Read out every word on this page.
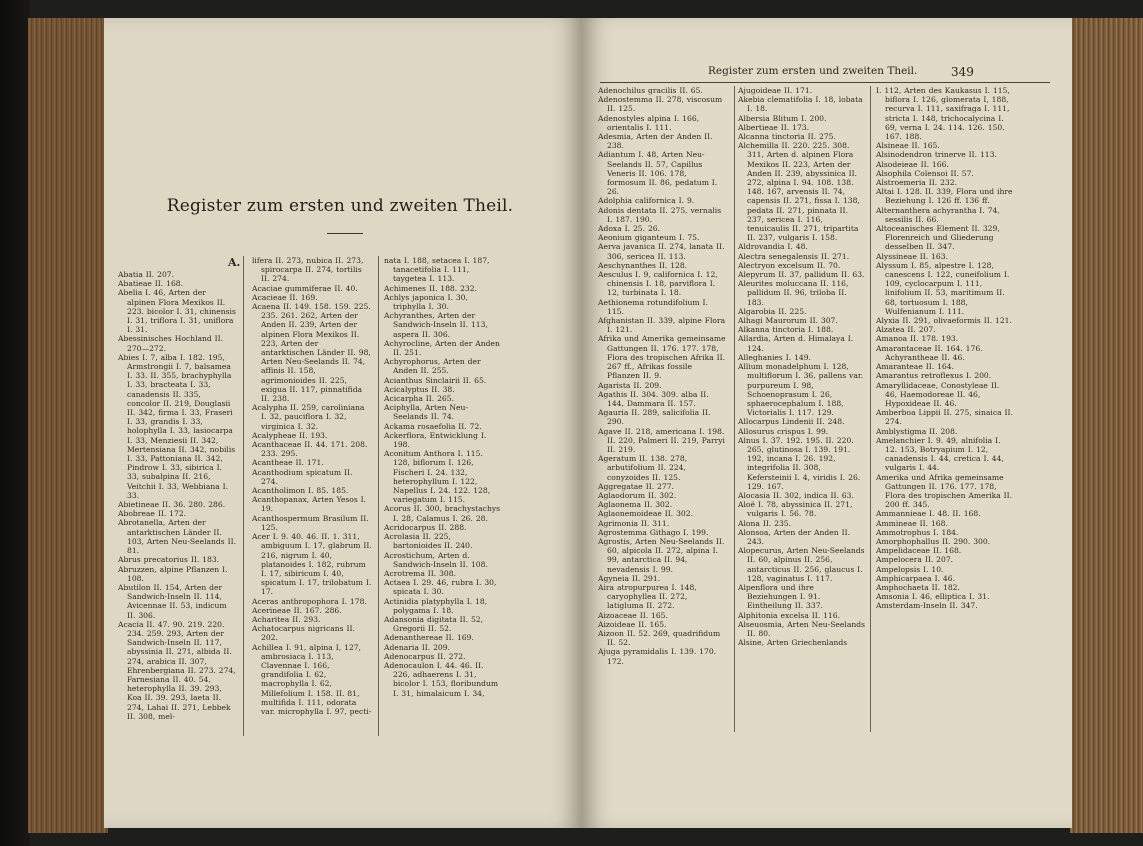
Register zum ersten und zweiten Theil.
A.
Register zum ersten und zweiten Theil.	349

Abatia II. 207.

Abatieae II. 168.

Abelia I. 46, Arten der alpinen Flora Mexikos II. 223. bicolor I. 31, chinensis I. 31, triflora I. 31, uniflora I. 31.

Abessinisches Hochland II. 270—272.

Abies I. 7, alba I. 182. 195, Armstrongii I. 7, balsamea I. 33. II. 355, brachyphylla I. 33, bracteata I. 33, canadensis II. 335, concolor II. 219, Douglasii II. 342, firma I. 33, Fraseri I. 33, grandis I. 33, holophylla I. 33, lasiocarpa I. 33, Menziesii II. 342, Mertensiana II. 342, nobilis I. 33, Pattoniana II. 342, Pindrow I. 33, sibirica I. 33, subalpina II. 216, Veitchii I. 33, Webbiana I. 33.

Abietineae II. 36. 280. 286.

Abobreae II. 172.

Abrotanella, Arten der antarktischen Länder II. 103, Arten Neu-Seelands II. 81.

Abrus precatorius II. 183.

Abruzzen, alpine Pflanzen I. 108.

Abutilon II. 154, Arten der Sandwich-Inseln II. 114, Avicennae II. 53, indicum II. 306.

Acacia II. 47. 90. 219. 220. 234. 259. 293, Arten der Sandwich-Inseln II. 117, abyssinia II. 271, albida II. 274, arabica II. 307, Ehrenbergiana II. 273. 274, Farnesiana II. 40. 54, heterophylla II. 39. 293, Koa II. 39. 293, laeta II. 274, Lahai II. 271, Lebbek II. 308, mel-

lifera II. 273, nubica II. 273, spirocarpa II. 274, tortilis II. 274.

Acaciae gummiferae II. 40.

Acacieae II. 169.

Acaena II. 149. 158. 159. 225. 235. 261. 262, Arten der Anden II. 239, Arten der alpinen Flora Mexikos II. 223, Arten der antarktischen Länder II. 98, Arten Neu-Seelands II. 74, affinis II. 158, agrimonioides II. 225, exigua II. 117, pinnatifida II. 238.

Acalypha II. 259, caroliniana I. 32, pauciflora I. 32, virginica I. 32.

Acalypheae II. 193.

Acanthaceae II. 44. 171. 208. 233. 295.

Acantheae II. 171.

Acanthodium spicatum II. 274.

Acantholimon I. 85. 185.

Acanthopanax, Arten Yesos I. 19.

Acanthospermum Brasilum II. 125.

Acer I. 9. 40. 46. II. 1. 311, ambiguum I. 17, glabrum II. 216, nigrum I. 40, platanoides I. 182, rubrum I. 17, sibiricum I. 40, spicatum I. 17, trilobatum I. 17.

Aceras anthropophora I. 178.

Acerineae II. 167. 286.

Acharitea II. 293.

Achatocarpus nigricans II. 202.

Achillea I. 91, alpina I, 127, ambrosiaca I. 113, Clavennae I. 166, grandifolia I. 62, macrophylla I. 62, Millefolium I. 158. II. 81, multifida I. 111, odorata var. microphylla I. 97, pecti-

nata I. 188, setacea I. 187, tanacetifolia I. 111, taygetea I. 113.

Achimenes II. 188. 232.

Achlys japonica I. 30, triphylla I. 30.

Achyranthes, Arten der Sandwich-Inseln II. 113, aspera II. 306.

Achyrocline, Arten der Anden II. 251.

Achyrophorus, Arten der Anden II. 255.

Acianthus Sinclairii II. 65.

Acicalyptus II. 38.

Acicarpha II. 265.

Aciphylla, Arten Neu-Seelands II. 74.

Ackama rosaefolia II. 72.

Ackerflora, Entwicklung I. 198.

Aconitum Anthora I. 115. 128, biflorum I. 126, Fischeri I. 24. 132, heterophyllum I. 122, Napellus I. 24. 122. 128, variegatum I. 115.

Acorus II. 300, brachystachys I. 28, Calamus I. 26. 28.

Acridocarpus II. 288.

Acrolasia II. 225, bartonioides II. 240.

Acrostichum, Arten d. Sandwich-Inseln II. 108.

Acrotrema II. 308.

Actaea I. 29. 46, rubra I. 30, spicata I. 30.

Actinidia platyphylla I. 18, polygama I. 18.

Adansonia digitata II. 52, Gregorii II. 52.

Adenanthereae II. 169.

Adenaria II. 209.

Adenocarpus II. 272.

Adenocaulon I. 44. 46. II. 226, adhaerens I. 31, bicolor I. 153, floribundum I. 31, himalaicum I. 34,

Adenochilus gracilis II. 65.

Adenostemma II. 278, viscosum II. 125.

Adenostyles alpina I. 166, orientalis I. 111.

Adesmia, Arten der Anden II. 238.

Adiantum I. 48, Arten Neu-Seelands II. 57, Capillus Veneris II. 106. 178, formosum II. 86, pedatum I. 26.

Adolphia californica I. 9.

Adonis dentata II. 275, vernalis I. 187. 190.

Adoxa I. 25. 26.

Aeonium giganteum I. 75.

Aerva javanica II. 274, lanata II. 306, sericea II. 113.

Aeschynanthes II. 128.

Aesculus I. 9, californica I. 12, chinensis I. 18, parviflora I. 12, turbinata I. 18.

Aethionema rotundifolium I. 115.

Afghanistan II. 339, alpine Flora I. 121.

Afrika und Amerika gemeinsame Gattungen II. 176. 177. 178, Flora des tropischen Afrika II. 267 ff., Afrikas fossile Pflanzen II. 9.

Agarista II. 209.

Agathis II. 304. 309. alba II. 144, Dammara II. 157.

Agauria II. 289, salicifolia II. 290.

Agave II. 218, americana I. 198. II. 220, Palmeri II. 219, Parryi II. 219.

Ageratum II. 138. 278, arbutifolium II. 224, conyzoides II. 125.

Aggregatae II. 277.

Aglaodorum II. 302.

Aglaonema II. 302.

Aglaonemoideae II. 302.

Agrimonia II. 311.

Agrostemma Githago I. 199.

Agrostis, Arten Neu-Seelands II. 60, alpicola II. 272, alpina I. 99, antarctica II. 94, nevadensis I. 99.

Agyneia II. 291.

Aira atropurpurea I. 148, caryophyllea II. 272, latigluma II. 272.

Aizoaceae II. 165.

Aizoideae II. 165.

Aizoon II. 52. 269, quadrifidum II. 52.

Ajuga pyramidalis I. 139. 170. 172.

Ajugoideae II. 171.

Akebia clematifolia I. 18, lobata I. 18.

Albersia Blitum I. 200.

Albertieae II. 173.

Alcanna tinctoria II. 275.

Alchemilla II. 220. 225. 308. 311, Arten d. alpinen Flora Mexikos II. 223, Arten der Anden II. 239, abyssinica II. 272, alpina I. 94. 108. 138. 148. 167, arvensis II. 74, capensis II. 271, fissa I. 138, pedata II. 271, pinnata II. 237, sericea I. 116, tenuicaulis II. 271, tripartita II. 237, vulgaris I. 158.

Aldrovandia I. 48.

Alectra senegalensis II. 271.

Alectryon excelsum II. 70.

Alepyrum II. 37, pallidum II. 63.

Aleurites moluccana II. 116, pallidum II. 96, triloba II. 183.

Algarobia II. 225.

Alhagi Maurorum II. 307.

Alkanna tinctoria I. 188.

Allardia, Arten d. Himalaya I. 124.

Alleghanies I. 149.

Allium monadelphum I. 128, multiflorum I. 36, pallens var. purpureum I. 98, Schoenoprasum I. 26, sphaerocephalum I. 188, Victorialis I. 117. 129.

Allocarpus Lindenii II. 248.

Allosurus crispus I. 99.

Alnus I. 37. 192. 195. II. 220. 265, glutinosa I. 139. 191. 192, incana I. 26. 192, integrifolia II. 308, Kefersteinii I. 4, viridis I. 26. 129. 167.

Alocasia II. 302, indica II. 63.

Aloë I. 78, abyssinica II. 271, vulgaris I. 56. 78.

Alona II. 235.

Alonsoa, Arten der Anden II. 243.

Alopecurus, Arten Neu-Seelands II. 60, alpinus II. 256, antarcticus II. 256, glaucus I. 128, vaginatus I. 117.

Alpenflora und ihre Beziehungen I. 91. Eintheilung II. 337.

Alphitonia excelsa II. 116.

Alseuosmia, Arten Neu-Seelands II. 80.

Alsine, Arten Griechenlands

I. 112, Arten des Kaukasus I. 115, biflora I. 126, glomerata I, 188, recurva I. 111, saxifraga I. 111, stricta I. 148, trichocalycina I. 69, verna I. 24. 114. 126. 150. 167. 188.

Alsineae II. 165.

Alsinodendron trinerve II. 113.

Alsodeieae II. 166.

Alsophila Colensoi II. 57.

Alstroemeria II. 232.

Altai I. 128. II. 339, Flora und ihre Beziehung I. 126 ff. 136 ff.

Alternanthera achyrantha I. 74, sessilis II. 66.

Altoceanisches Element II. 329, Florenreich und Gliederung desselben II. 347.

Alyssineae II. 163.

Alyssum I. 85, alpestre I. 128, canescens I. 122, cuneifolium I. 109, cyclocarpum I. 111, linifolium II. 53, maritimum II. 68, tortuosum I. 188, Wulfenianum I. 111.

Alyxia II. 291, olivaeformis II. 121.

Alzatea II. 207.

Amanoa II. 178. 193.

Amarantaceae II. 164. 176. Achyrantheae II. 46.

Amaranteae II. 164.

Amarantus retroflexus I. 200.

Amaryllidaceae, Conostyleae II. 46, Haemodoreae II. 46, Hypoxideae II. 46.

Amberboa Lippii II. 275, sinaica II. 274.

Amblystigma II. 208.

Amelanchier I. 9. 49, alnifolia I. 12. 153, Botryapium I. 12, canadensis I. 44, cretica I. 44, vulgaris I. 44.

Amerika und Afrika gemeinsame Gattungen II. 176. 177. 178, Flora des tropischen Amerika II. 200 ff. 345.

Ammannieae I. 48. II. 168.

Ammineae II. 168.

Ammotrophus I. 184.

Amorphophallus II. 290. 300.

Ampelidaceae II. 168.

Ampelocera II. 207.

Ampelopsis I. 10.

Amphicarpaea I. 46.

Amphochaeta II. 182.

Amsonia I. 46, elliptica I. 31.

Amsterdam-Inseln II. 347.
